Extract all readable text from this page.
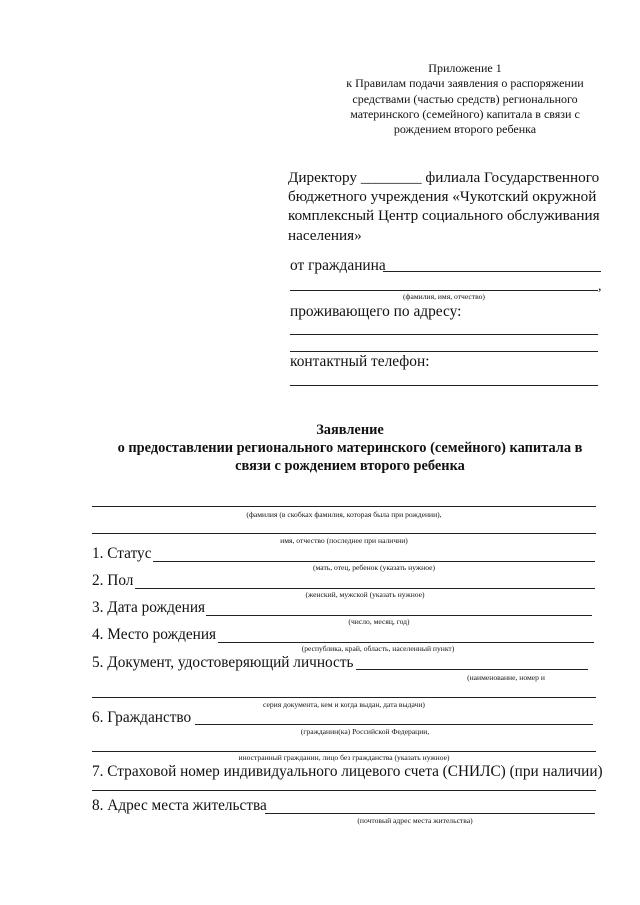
Приложение 1
к Правилам подачи заявления о распоряжении
средствами (частью средств) регионального
материнского (семейного) капитала в связи с
рождением второго ребенка
Директору ________ филиала Государственного
бюджетного учреждения «Чукотский окружной
комплексный Центр социального обслуживания
населения»
от гражданина
,
(фамилия, имя, отчество)
проживающего по адресу:
контактный телефон:
Заявление
о предоставлении регионального материнского (семейного) капитала в
связи с рождением второго ребенка
(фамилия (в скобках фамилия, которая была при рождении),
имя, отчество (последнее при наличии)
1. Статус
(мать, отец, ребенок (указать нужное)
2. Пол
(женский, мужской (указать нужное)
3. Дата рождения
(число, месяц, год)
4. Место рождения
(республика, край, область, населенный пункт)
5. Документ, удостоверяющий личность
(наименование, номер и
серия документа, кем и когда выдан, дата выдачи)
6. Гражданство
(гражданин(ка) Российской Федерации,
иностранный гражданин, лицо без гражданства (указать нужное)
7. Страховой номер индивидуального лицевого счета (СНИЛС) (при наличии)
8. Адрес места жительства
(почтовый адрес места жительства)
